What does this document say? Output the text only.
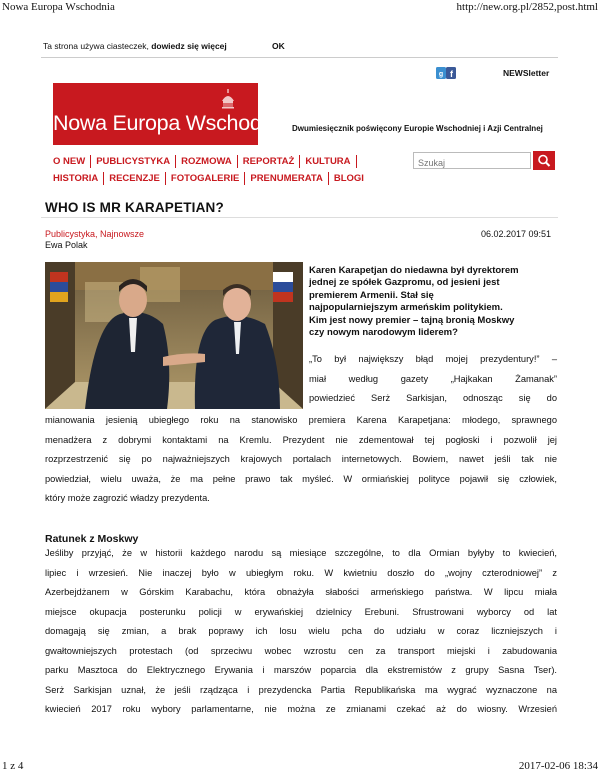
Nowa Europa Wschodnia	http://new.org.pl/2852,post.html
Ta strona używa ciasteczek, dowiedz się więcej	OK
g f	NEWSletter
Nowa Europa Wschodnia Dwumiesięcznik poświęcony Europie Wschodniej i Azji Centralnej
O NEW PUBLICYSTYKA ROZMOWA REPORTAŻ KULTURA
HISTORIA RECENZJE FOTOGALERIE PRENUMERATA BLOGI
Szukaj
WHO IS MR KARAPETIAN?
Publicystyka, Najnowsze	06.02.2017 09:51
Ewa Polak
Karen Karapetjan do niedawna był dyrektorem
jednej ze spółek Gazpromu, od jesieni jest
premierem Armenii. Stał się
najpopularniejszym armeńskim politykiem.
Kim jest nowy premier – tajną bronią Moskwy
czy nowym narodowym liderem?
„To był największy błąd mojej prezydentury!” –
miał według gazety „Hajkakan Żamanak”
powiedzieć Serż Sarkisjan, odnosząc się do
mianowania jesienią ubiegłego roku na stanowisko premiera Karena Karapetjana: młodego, sprawnego
menadżera z dobrymi kontaktami na Kremlu. Prezydent nie zdementował tej pogłoski i pozwolił jej
rozprzestrzenić się po najważniejszych krajowych portalach internetowych. Bowiem, nawet jeśli tak nie
powiedział, wielu uważa, że ma pełne prawo tak myśleć. W ormiańskiej polityce pojawił się człowiek,
który może zagrozić władzy prezydenta.
Ratunek z Moskwy
Jeśliby przyjąć, że w historii każdego narodu są miesiące szczególne, to dla Ormian byłyby to kwiecień,
lipiec i wrzesień. Nie inaczej było w ubiegłym roku. W kwietniu doszło do „wojny czterodniowej” z
Azerbejdżanem w Górskim Karabachu, która obnażyła słabości armeńskiego państwa. W lipcu miała
miejsce okupacja posterunku policji w erywańskiej dzielnicy Erebuni. Sfrustrowani wyborcy od lat
domagają się zmian, a brak poprawy ich losu wielu pcha do udziału w coraz liczniejszych i
gwałtowniejszych protestach (od sprzeciwu wobec wzrostu cen za transport miejski i zabudowania
parku Masztoca do Elektrycznego Erywania i marszów poparcia dla ekstremistów z grupy Sasna Tser).
Serż Sarkisjan uznał, że jeśli rządząca i prezydencka Partia Republikańska ma wygrać wyznaczone na
kwiecień 2017 roku wybory parlamentarne, nie można ze zmianami czekać aż do wiosny. Wrzesień
1 z 4	2017-02-06 18:34
